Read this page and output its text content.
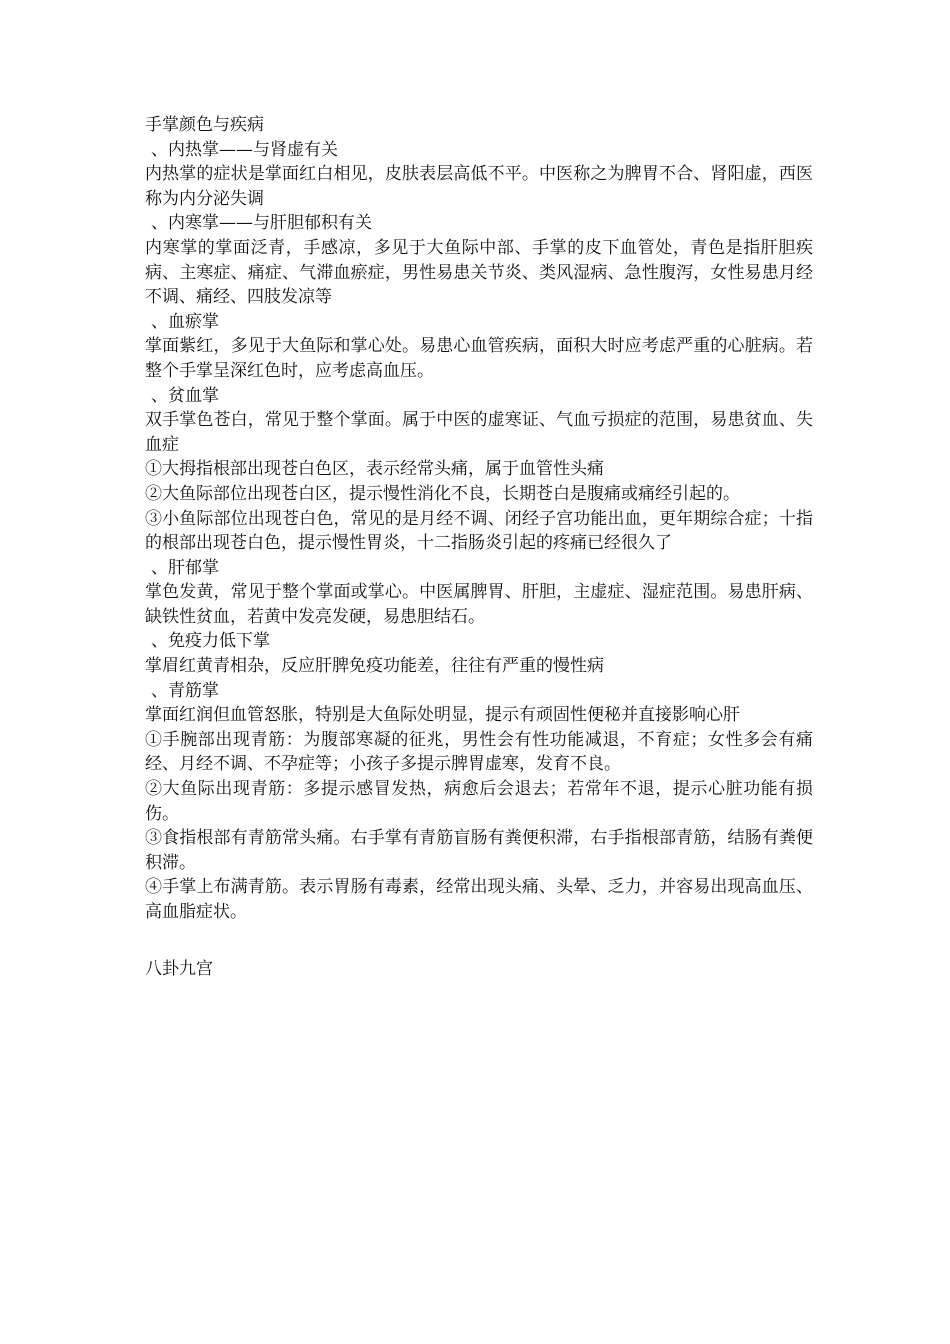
手掌颜色与疾病

、内热掌——与肾虚有关

内热掌的症状是掌面红白相见，皮肤表层高低不平。中医称之为脾胃不合、肾阳虚，西医称为内分泌失调

、内寒掌——与肝胆郁积有关

内寒掌的掌面泛青，手感凉，多见于大鱼际中部、手掌的皮下血管处，青色是指肝胆疾病、主寒症、痛症、气滞血瘀症，男性易患关节炎、类风湿病、急性腹泻，女性易患月经不调、痛经、四肢发凉等

、血瘀掌

掌面紫红，多见于大鱼际和掌心处。易患心血管疾病，面积大时应考虑严重的心脏病。若整个手掌呈深红色时，应考虑高血压。

、贫血掌

双手掌色苍白，常见于整个掌面。属于中医的虚寒证、气血亏损症的范围，易患贫血、失血症

①大拇指根部出现苍白色区，表示经常头痛，属于血管性头痛

②大鱼际部位出现苍白区，提示慢性消化不良，长期苍白是腹痛或痛经引起的。

③小鱼际部位出现苍白色，常见的是月经不调、闭经子宫功能出血，更年期综合症；十指的根部出现苍白色，提示慢性胃炎，十二指肠炎引起的疼痛已经很久了

、肝郁掌

掌色发黄，常见于整个掌面或掌心。中医属脾胃、肝胆，主虚症、湿症范围。易患肝病、缺铁性贫血，若黄中发亮发硬，易患胆结石。

、免疫力低下掌

掌眉红黄青相杂，反应肝脾免疫功能差，往往有严重的慢性病

、青筋掌

掌面红润但血管怒胀，特别是大鱼际处明显，提示有顽固性便秘并直接影响心肝

①手腕部出现青筋：为腹部寒凝的征兆，男性会有性功能减退，不育症；女性多会有痛经、月经不调、不孕症等；小孩子多提示脾胃虚寒，发育不良。

②大鱼际出现青筋：多提示感冒发热，病愈后会退去；若常年不退，提示心脏功能有损伤。

③食指根部有青筋常头痛。右手掌有青筋盲肠有粪便积滞，右手指根部青筋，结肠有粪便积滞。

④手掌上布满青筋。表示胃肠有毒素，经常出现头痛、头晕、乏力，并容易出现高血压、高血脂症状。

八卦九宫
